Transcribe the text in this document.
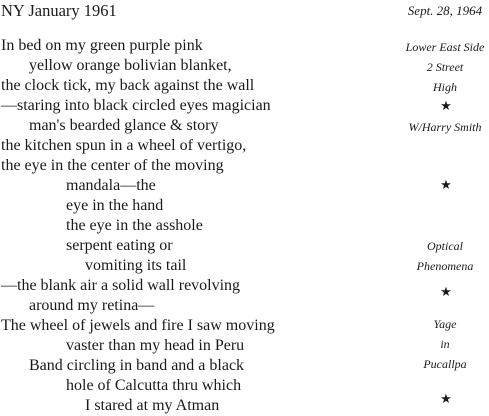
NY January 1961	Sept. 28, 1964
In bed on my green purple pink
yellow orange bolivian blanket,
the clock tick, my back against the wall
—staring into black circled eyes magician
man's bearded glance & story
the kitchen spun in a wheel of vertigo,
the eye in the center of the moving
mandala—the
eye in the hand
the eye in the asshole
serpent eating or
vomiting its tail
—the blank air a solid wall revolving
around my retina—
The wheel of jewels and fire I saw moving
vaster than my head in Peru
Band circling in band and a black
hole of Calcutta thru which
I stared at my Atman
Lower East Side
2 Street
High
★
W/Harry Smith
★
Optical
Phenomena
★
Yage
in
Pucallpa
★
